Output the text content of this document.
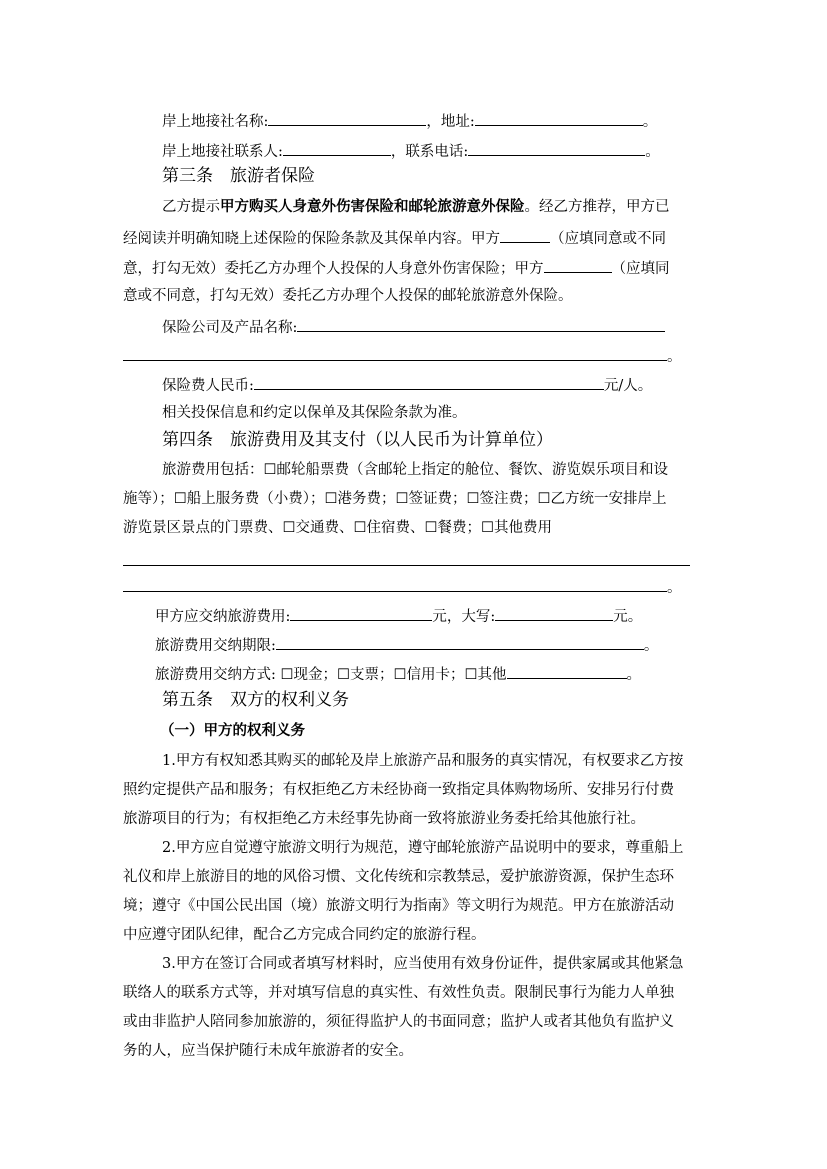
岸上地接社名称:	，地址:	。
岸上地接社联系人:	，联系电话:	。
第三条　旅游者保险
乙方提示甲方购买人身意外伤害保险和邮轮旅游意外保险。经乙方推荐，甲方已
经阅读并明确知晓上述保险的保险条款及其保单内容。甲方	（应填同意或不同
意，打勾无效）委托乙方办理个人投保的人身意外伤害保险；甲方	（应填同
意或不同意，打勾无效）委托乙方办理个人投保的邮轮旅游意外保险。
保险公司及产品名称:
。
保险费人民币:	元/人。
相关投保信息和约定以保单及其保险条款为准。
第四条　旅游费用及其支付（以人民币为计算单位）
旅游费用包括：☐邮轮船票费（含邮轮上指定的舱位、餐饮、游览娱乐项目和设
施等）；☐船上服务费（小费）；☐港务费；☐签证费；☐签注费；☐乙方统一安排岸上
游览景区景点的门票费、☐交通费、☐住宿费、☐餐费；☐其他费用
。
甲方应交纳旅游费用:	元，大写:	元。
旅游费用交纳期限:	。
旅游费用交纳方式: ☐现金；☐支票；☐信用卡；☐其他	。
第五条　双方的权利义务
（一）甲方的权利义务
1.甲方有权知悉其购买的邮轮及岸上旅游产品和服务的真实情况，有权要求乙方按
照约定提供产品和服务；有权拒绝乙方未经协商一致指定具体购物场所、安排另行付费
旅游项目的行为；有权拒绝乙方未经事先协商一致将旅游业务委托给其他旅行社。
2.甲方应自觉遵守旅游文明行为规范，遵守邮轮旅游产品说明中的要求，尊重船上
礼仪和岸上旅游目的地的风俗习惯、文化传统和宗教禁忌，爱护旅游资源，保护生态环
境；遵守《中国公民出国（境）旅游文明行为指南》等文明行为规范。甲方在旅游活动
中应遵守团队纪律，配合乙方完成合同约定的旅游行程。
3.甲方在签订合同或者填写材料时，应当使用有效身份证件，提供家属或其他紧急
联络人的联系方式等，并对填写信息的真实性、有效性负责。限制民事行为能力人单独
或由非监护人陪同参加旅游的，须征得监护人的书面同意；监护人或者其他负有监护义
务的人，应当保护随行未成年旅游者的安全。
